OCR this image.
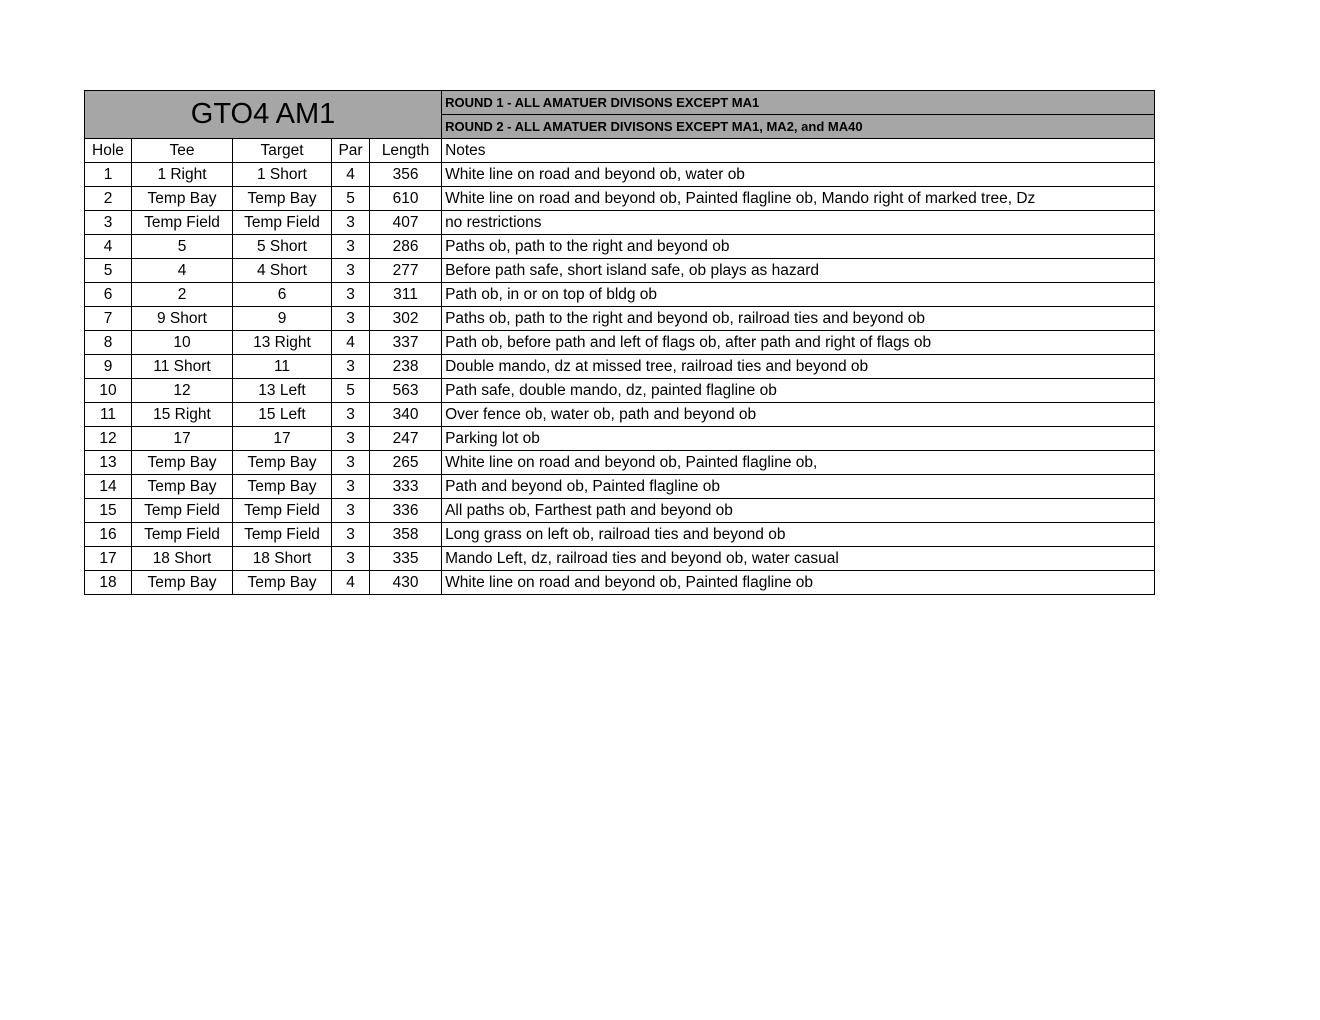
GTO4 AM1					ROUND 1 - ALL AMATUER DIVISONS EXCEPT MA1
					ROUND 2 - ALL AMATUER DIVISONS EXCEPT MA1, MA2, and MA40
Hole	Tee	Target	Par	Length	Notes
1	1 Right	1 Short	4	356	White line on road and beyond ob, water ob
2	Temp Bay	Temp Bay	5	610	White line on road and beyond ob, Painted flagline ob, Mando right of marked tree, Dz
3	Temp Field	Temp Field	3	407	no restrictions
4	5	5 Short	3	286	Paths ob, path to the right and beyond ob
5	4	4 Short	3	277	Before path safe, short island safe, ob plays as hazard
6	2	6	3	311	Path ob, in or on top of bldg ob
7	9 Short	9	3	302	Paths ob, path to the right and beyond ob, railroad ties and beyond ob
8	10	13 Right	4	337	Path ob, before path and left of flags ob, after path and right of flags ob
9	11 Short	11	3	238	Double mando, dz at missed tree, railroad ties and beyond ob
10	12	13 Left	5	563	Path safe, double mando, dz, painted flagline ob
11	15 Right	15 Left	3	340	Over fence ob, water ob, path and beyond ob
12	17	17	3	247	Parking lot ob
13	Temp Bay	Temp Bay	3	265	White line on road and beyond ob, Painted flagline ob,
14	Temp Bay	Temp Bay	3	333	Path and beyond ob, Painted flagline ob
15	Temp Field	Temp Field	3	336	All paths ob, Farthest path and beyond ob
16	Temp Field	Temp Field	3	358	Long grass on left ob, railroad ties and beyond ob
17	18 Short	18 Short	3	335	Mando Left, dz, railroad ties and beyond ob, water casual
18	Temp Bay	Temp Bay	4	430	White line on road and beyond ob, Painted flagline ob
